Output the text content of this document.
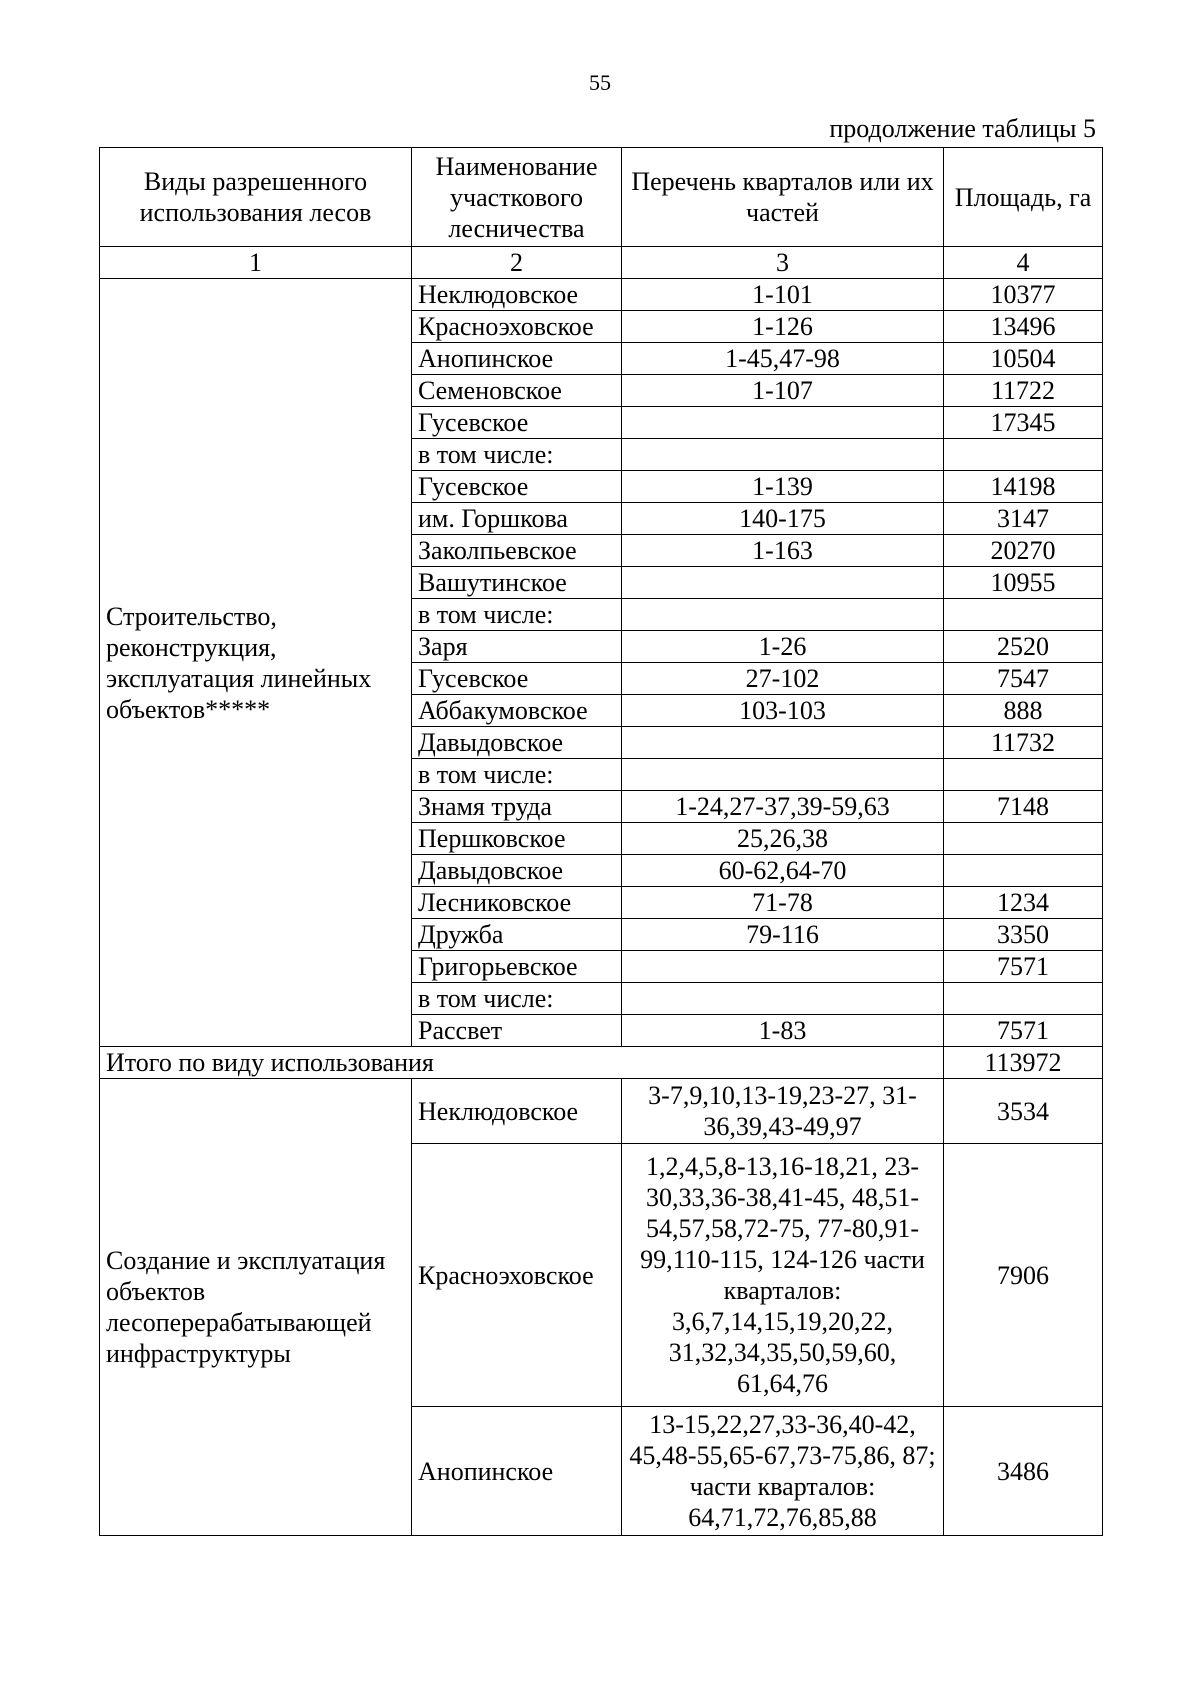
55
продолжение таблицы 5
Виды разрешенного использования лесов	Наименование участкового лесничества	Перечень кварталов или их частей	Площадь, га
1	2	3	4
Строительство, реконструкция, эксплуатация линейных объектов*****	Неклюдовское	1-101	10377
	Красноэховское	1-126	13496
	Анопинское	1-45,47-98	10504
	Семеновское	1-107	11722
	Гусевское		17345
	в том числе:		
	Гусевское	1-139	14198
	им. Горшкова	140-175	3147
	Заколпьевское	1-163	20270
	Вашутинское		10955
	в том числе:		
	Заря	1-26	2520
	Гусевское	27-102	7547
	Аббакумовское	103-103	888
	Давыдовское		11732
	в том числе:		
	Знамя труда	1-24,27-37,39-59,63	7148
	Першковское	25,26,38	
	Давыдовское	60-62,64-70	
	Лесниковское	71-78	1234
	Дружба	79-116	3350
	Григорьевское		7571
	в том числе:		
	Рассвет	1-83	7571
Итого по виду использования			113972
Создание и эксплуатация объектов лесоперерабатывающей инфраструктуры	Неклюдовское	3-7,9,10,13-19,23-27, 31-36,39,43-49,97	3534
	Красноэховское	1,2,4,5,8-13,16-18,21, 23-30,33,36-38,41-45, 48,51-54,57,58,72-75, 77-80,91-99,110-115, 124-126 части кварталов: 3,6,7,14,15,19,20,22, 31,32,34,35,50,59,60, 61,64,76	7906
	Анопинское	13-15,22,27,33-36,40-42, 45,48-55,65-67,73-75,86, 87; части кварталов: 64,71,72,76,85,88	3486
